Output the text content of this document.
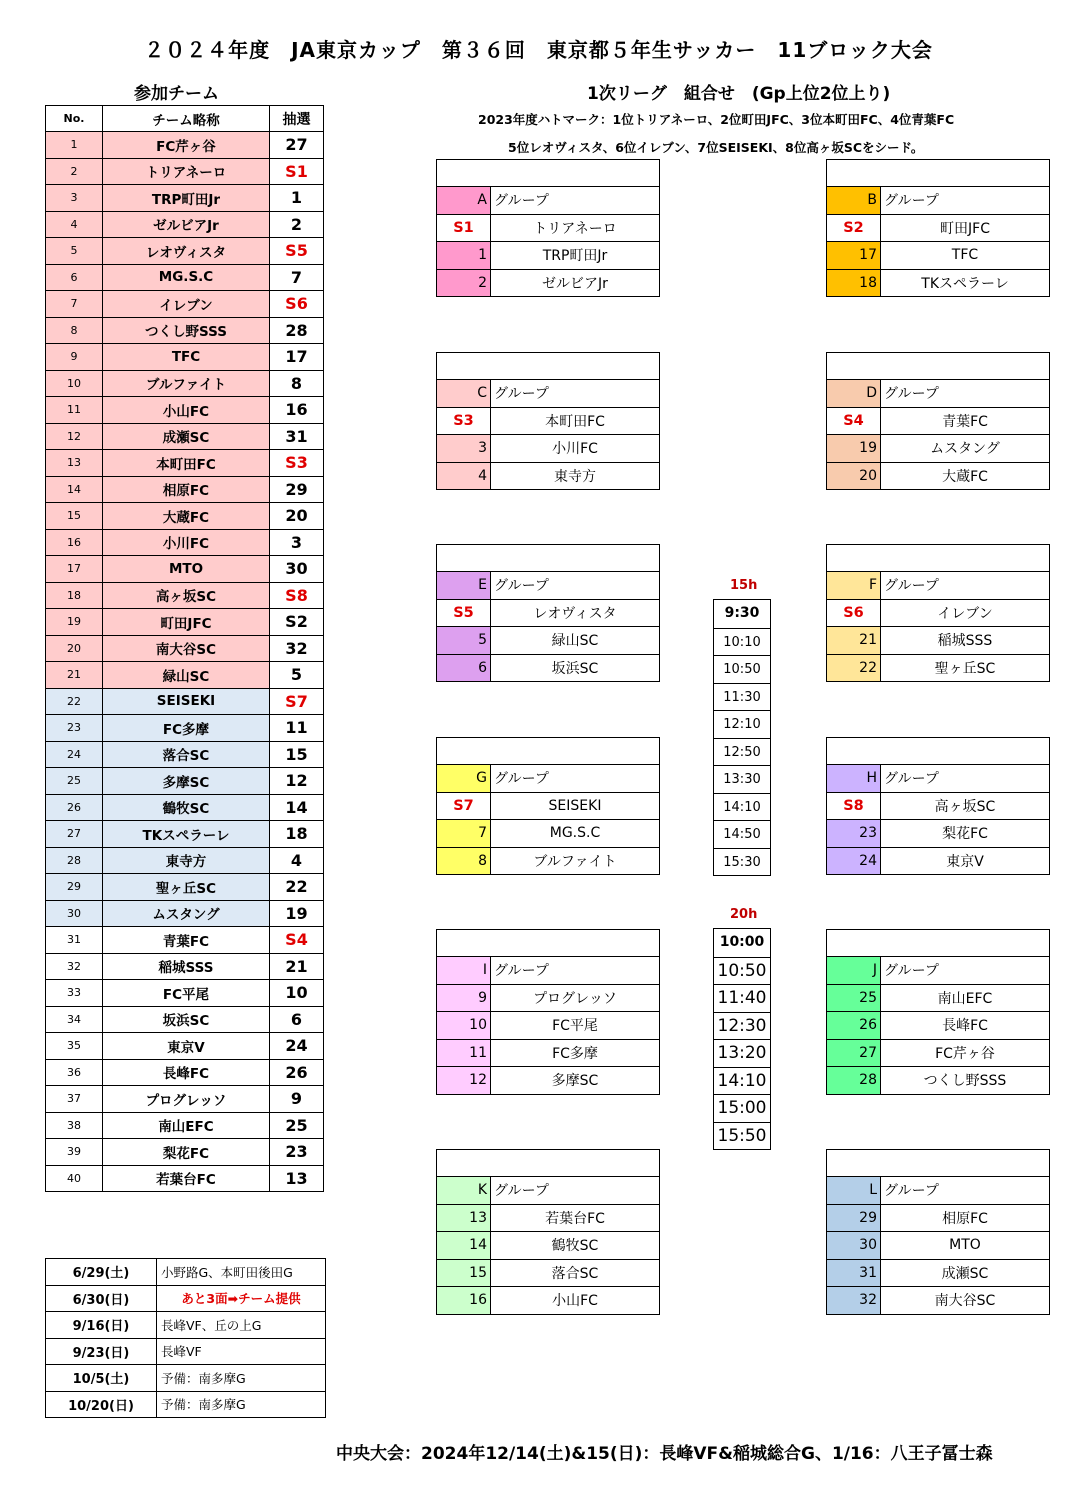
２０２４年度　JA東京カップ　第３６回　東京都５年生サッカー　11ブロック大会
参加チーム	1次リーグ　組合せ　(Gp上位2位上り)
2023年度ハトマーク：1位トリアネーロ、2位町田JFC、3位本町田FC、4位青葉FC
5位レオヴィスタ、6位イレブン、7位SEISEKI、8位高ヶ坂SCをシード。
No.	チーム略称	抽選
1	FC芹ヶ谷	27
2	トリアネーロ	S1
3	TRP町田Jr	1
4	ゼルビアJr	2
5	レオヴィスタ	S5
6	MG.S.C	7
7	イレブン	S6
8	つくし野SSS	28
9	TFC	17
10	ブルファイト	8
11	小山FC	16
12	成瀬SC	31
13	本町田FC	S3
14	相原FC	29
15	大蔵FC	20
16	小川FC	3
17	MTO	30
18	高ヶ坂SC	S8
19	町田JFC	S2
20	南大谷SC	32
21	緑山SC	5
22	SEISEKI	S7
23	FC多摩	11
24	落合SC	15
25	多摩SC	12
26	鶴牧SC	14
27	TKスペラーレ	18
28	東寺方	4
29	聖ヶ丘SC	22
30	ムスタング	19
31	青葉FC	S4
32	稲城SSS	21
33	FC平尾	10
34	坂浜SC	6
35	東京V	24
36	長峰FC	26
37	プログレッソ	9
38	南山EFC	25
39	梨花FC	23
40	若葉台FC	13
6/29(土)	小野路G、本町田後田G
6/30(日)	あと3面➡チーム提供
9/16(日)	長峰VF、丘の上G
9/23(日)	長峰VF
10/5(土)	予備：南多摩G
10/20(日)	予備：南多摩G
A グループ
S1	トリアネーロ
1	TRP町田Jr
2	ゼルビアJr
B グループ
S2	町田JFC
17	TFC
18	TKスペラーレ
C グループ
S3	本町田FC
3	小川FC
4	東寺方
D グループ
S4	青葉FC
19	ムスタング
20	大蔵FC
E グループ
S5	レオヴィスタ
5	緑山SC
6	坂浜SC
F グループ
S6	イレブン
21	稲城SSS
22	聖ヶ丘SC
G グループ
S7	SEISEKI
7	MG.S.C
8	ブルファイト
H グループ
S8	高ヶ坂SC
23	梨花FC
24	東京V
I グループ
9	プログレッソ
10	FC平尾
11	FC多摩
12	多摩SC
J グループ
25	南山EFC
26	長峰FC
27	FC芹ヶ谷
28	つくし野SSS
K グループ
13	若葉台FC
14	鶴牧SC
15	落合SC
16	小山FC
L グループ
29	相原FC
30	MTO
31	成瀬SC
32	南大谷SC
15h
9:30
10:10
10:50
11:30
12:10
12:50
13:30
14:10
14:50
15:30
20h
10:00
10:50
11:40
12:30
13:20
14:10
15:00
15:50
中央大会：2024年12/14(土)&15(日)：長峰VF&稲城総合G、1/16：八王子冨士森
